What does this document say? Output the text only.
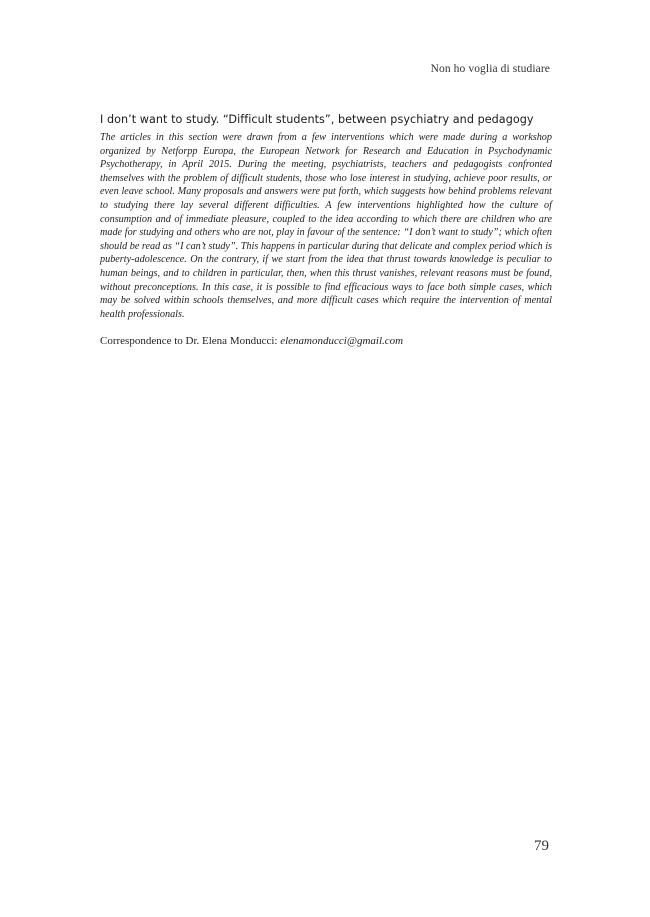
Non ho voglia di studiare
I don’t want to study. “Difficult students”, between psychiatry and pedagogy

The articles in this section were drawn from a few interventions which were made during a workshop organized by Netforpp Europa, the European Network for Research and Education in Psychodynamic Psychotherapy, in April 2015. During the meeting, psychiatrists, teachers and pedagogists confronted themselves with the problem of difficult students, those who lose interest in studying, achieve poor results, or even leave school. Many proposals and answers were put forth, which suggests how behind problems relevant to studying there lay several different difficulties. A few interventions highlighted how the culture of consumption and of immediate pleasure, coupled to the idea according to which there are children who are made for studying and others who are not, play in favour of the sentence: “I don’t want to study”; which often should be read as “I can’t study”. This happens in particular during that delicate and complex period which is puberty-adolescence. On the contrary, if we start from the idea that thrust towards knowledge is peculiar to human beings, and to children in particular, then, when this thrust vanishes, relevant reasons must be found, without preconceptions. In this case, it is possible to find efficacious ways to face both simple cases, which may be solved within schools themselves, and more difficult cases which require the intervention of mental health professionals.

Correspondence to Dr. Elena Monducci: elenamonducci@gmail.com
79
